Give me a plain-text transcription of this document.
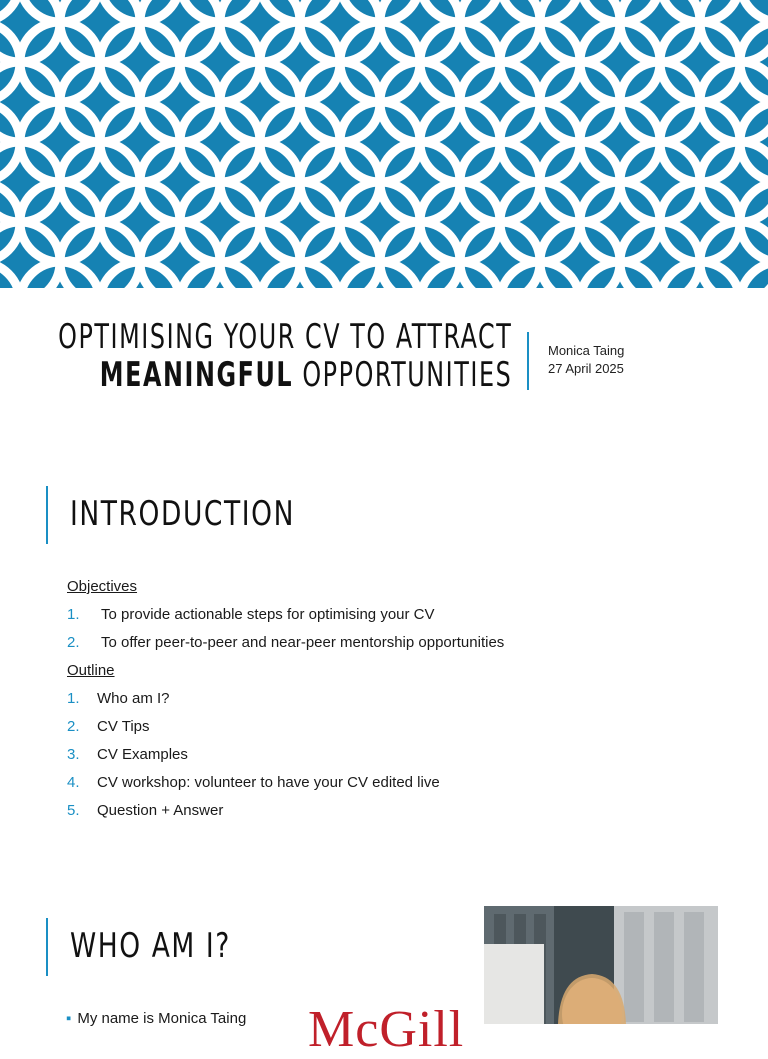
OPTIMISING YOUR CV TO ATTRACT
MEANINGFUL OPPORTUNITIES
Monica Taing
27 April 2025
INTRODUCTION
Objectives
1.	To provide actionable steps for optimising your CV
2.	To offer peer-to-peer and near-peer mentorship opportunities
Outline
1.	Who am I?
2.	CV Tips
3.	CV Examples
4.	CV workshop: volunteer to have your CV edited live
5.	Question + Answer
WHO AM I?
▪ My name is Monica Taing McGill
